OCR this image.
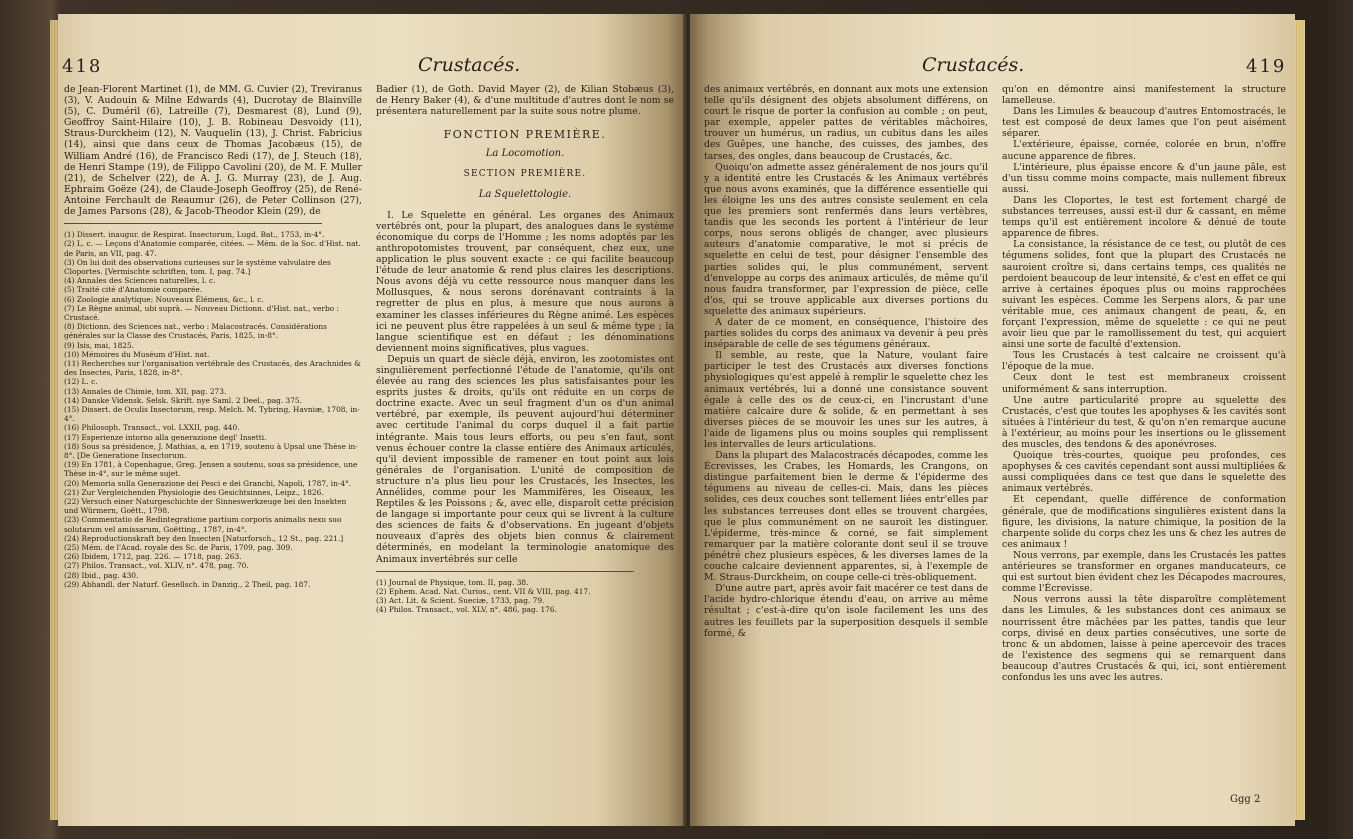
418	Crustacés.

de Jean-Florent Martinet (1), de MM. G. Cuvier (2), Treviranus (3), V. Audouin & Milne Edwards (4), Ducrotay de Blainville (5), C. Duméril (6), Latreille (7), Desmarest (8), Lund (9), Geoffroy Saint-Hilaire (10), J. B. Robineau Desvoidy (11), Straus-Durckheim (12), N. Vauquelin (13), J. Christ. Fabricius (14), ainsi que dans ceux de Thomas Jacobæus (15), de William André (16), de Francisco Redi (17), de J. Steuch (18), de Henri Stampe (19), de Filippo Cavolini (20), de M. F. Muller (21), de Schelver (22), de A. J. G. Murray (23), de J. Aug. Ephraim Goëze (24), de Claude-Joseph Geoffroy (25), de René-Antoine Ferchault de Reaumur (26), de Peter Collinson (27), de James Parsons (28), & Jacob-Theodor Klein (29), de

(1) Dissert. inaugur. de Respirat. Insectorum, Lugd. Bat., 1753, in-4°.
(2) L. c. — Leçons d'Anatomie comparée, citées. — Mém. de la Soc. d'Hist. nat. de Paris, an VII, pag. 47.
(3) On lui doit des observations curieuses sur le système valvulaire des Cloportes. [Vermischte schriften, tom. I, pag. 74.]
(4) Annales des Sciences naturelles, l. c.
(5) Traité cité d'Anatomie comparée.
(6) Zoologie analytique; Nouveaux Élémens, &c., l. c.
(7) Le Règne animal, ubi suprà. — Nouveau Dictionn. d'Hist. nat., verbo : Crustacé.
(8) Dictionn. des Sciences nat., verbo : Malacostracés. Considérations générales sur la Classe des Crustacés, Paris, 1825, in-8°.
(9) Isis, mai, 1825.
(10) Mémoires du Muséum d'Hist. nat.
(11) Recherches sur l'organisation vertébrale des Crustacés, des Arachnides & des Insectes, Paris, 1828, in-8°.
(12) L. c.
(13) Annales de Chimie, tom. XII, pag. 273.
(14) Danske Vidensk. Selsk. Skrift. nye Saml. 2 Deel., pag. 375.
(15) Dissert. de Oculis Insectorum, resp. Melch. M. Tybring, Havniæ, 1708, in-4°.
(16) Philosoph. Transact., vol. LXXII, pag. 440.
(17) Esperienze intorno alla generazione degl' Insetti.
(18) Sous sa présidence, J. Mathias, a, en 1719, soutenu à Upsal une Thèse in-8°. [De Generatione Insectorum.
(19) En 1781, à Copenhague, Greg. Jensen a soutenu, sous sa présidence, une Thèse in-4°, sur le même sujet.
(20) Memoria sulla Generazione dei Pesci e dei Granchi, Napoli, 1787, in-4°.
(21) Zur Vergleichenden Physiologie des Gesichtsinnes, Leipz., 1826.
(22) Versuch einer Naturgeschichte der Sinneswerkzeuge bei den Insekten und Würmern, Goëtt., 1798.
(23) Commentatio de Redintegratione partium corporis animalis nexu suo solutarum vel amissarum, Goëtting., 1787, in-4°.
(24) Reproductionskraft bey den Insecten [Naturforsch., 12 St., pag. 221.]
(25) Mém. de l'Acad. royale des Sc. de Paris, 1709, pag. 309.
(26) Ibidem, 1712, pag. 226. — 1718, pag. 263.
(27) Philos. Transact., vol. XLIV, n°. 478, pag. 70.
(28) Ibid., pag. 430.
(29) Abhandl. der Naturf. Gesellsch. in Danzig., 2 Theil, pag. 187.

Badier (1), de Goth. David Mayer (2), de Kilian Stobæus (3), de Henry Baker (4), & d'une multitude d'autres dont le nom se présentera naturellement par la suite sous notre plume.

FONCTION PREMIÈRE.
La Locomotion.
SECTION PREMIÈRE.
La Squelettologie.

I. Le Squelette en général. Les organes des Animaux vertébrés ont, pour la plupart, des analogues dans le système économique du corps de l'Homme ; les noms adoptés par les anthropotomistes trouvent, par conséquent, chez eux, une application le plus souvent exacte : ce qui facilite beaucoup l'étude de leur anatomie & rend plus claires les descriptions. Nous avons déjà vu cette ressource nous manquer dans les Mollusques, & nous serons dorénavant contraints à la regretter de plus en plus, à mesure que nous aurons à examiner les classes inférieures du Règne animé. Les espèces ici ne peuvent plus être rappelées à un seul & même type ; la langue scientifique est en défaut ; les dénominations deviennent moins significatives, plus vagues.

Depuis un quart de siècle déjà, environ, les zootomistes ont singulièrement perfectionné l'étude de l'anatomie, qu'ils ont élevée au rang des sciences les plus satisfaisantes pour les esprits justes & droits, qu'ils ont réduite en un corps de doctrine exacte. Avec un seul fragment d'un os d'un animal vertébré, par exemple, ils peuvent aujourd'hui déterminer avec certitude l'animal du corps duquel il a fait partie intégrante. Mais tous leurs efforts, ou peu s'en faut, sont venus échouer contre la classe entière des Animaux articulés, qu'il devient impossible de ramener en tout point aux lois générales de l'organisation. L'unité de composition de structure n'a plus lieu pour les Crustacés, les Insectes, les Annélides, comme pour les Mammifères, les Oiseaux, les Reptiles & les Poissons ; &, avec elle, disparoît cette précision de langage si importante pour ceux qui se livrent à la culture des sciences de faits & d'observations. En jugeant d'objets nouveaux d'après des objets bien connus & clairement déterminés, en modelant la terminologie anatomique des Animaux invertébrés sur celle

(1) Journal de Physique, tom. II, pag. 38.
(2) Ephem. Acad. Nat. Curios., cent. VII & VIII, pag. 417.
(3) Act. Lit. & Scient. Sueciæ, 1733, pag. 79.
(4) Philos. Transact., vol. XLV, n°. 486, pag. 176.
Crustacés.	419

des animaux vertébrés, en donnant aux mots une extension telle qu'ils désignent des objets absolument différens, on court le risque de porter la confusion au comble ; on peut, par exemple, appeler pattes de véritables mâchoires, trouver un humérus, un radius, un cubitus dans les ailes des Guêpes, une hanche, des cuisses, des jambes, des tarses, des ongles, dans beaucoup de Crustacés, &c.

Quoiqu'on admette assez généralement de nos jours qu'il y a identité entre les Crustacés & les Animaux vertébrés que nous avons examinés, que la différence essentielle qui les éloigne les uns des autres consiste seulement en cela que les premiers sont renfermés dans leurs vertèbres, tandis que les seconds les portent à l'intérieur de leur corps, nous serons obligés de changer, avec plusieurs auteurs d'anatomie comparative, le mot si précis de squelette en celui de test, pour désigner l'ensemble des parties solides qui, le plus communément, servent d'enveloppe au corps des animaux articulés, de même qu'il nous faudra transformer, par l'expression de pièce, celle d'os, qui se trouve applicable aux diverses portions du squelette des animaux supérieurs.

A dater de ce moment, en conséquence, l'histoire des parties solides du corps des animaux va devenir à peu près inséparable de celle de ses tégumens généraux.

Il semble, au reste, que la Nature, voulant faire participer le test des Crustacés aux diverses fonctions physiologiques qu'est appelé à remplir le squelette chez les animaux vertébrés, lui a donné une consistance souvent égale à celle des os de ceux-ci, en l'incrustant d'une matière calcaire dure & solide, & en permettant à ses diverses pièces de se mouvoir les unes sur les autres, à l'aide de ligamens plus ou moins souples qui remplissent les intervalles de leurs articulations.

Dans la plupart des Malacostracés décapodes, comme les Écrevisses, les Crabes, les Homards, les Crangons, on distingue parfaitement bien le derme & l'épiderme des tégumens au niveau de celles-ci. Mais, dans les pièces solides, ces deux couches sont tellement liées entr'elles par les substances terreuses dont elles se trouvent chargées, que le plus communément on ne sauroit les distinguer. L'épiderme, très-mince & corné, se fait simplement remarquer par la matière colorante dont seul il se trouve pénétré chez plusieurs espèces, & les diverses lames de la couche calcaire deviennent apparentes, si, à l'exemple de M. Straus-Durckheim, on coupe celle-ci très-obliquement.

D'une autre part, après avoir fait macérer ce test dans de l'acide hydro-chlorique étendu d'eau, on arrive au même résultat ; c'est-à-dire qu'on isole facilement les uns des autres les feuillets par la superposition desquels il semble formé, &

qu'on en démontre ainsi manifestement la structure lamelleuse.

Dans les Limules & beaucoup d'autres Entomostracés, le test est composé de deux lames que l'on peut aisément séparer.

L'extérieure, épaisse, cornée, colorée en brun, n'offre aucune apparence de fibres.

L'intérieure, plus épaisse encore & d'un jaune pâle, est d'un tissu comme moins compacte, mais nullement fibreux aussi.

Dans les Cloportes, le test est fortement chargé de substances terreuses, aussi est-il dur & cassant, en même temps qu'il est entièrement incolore & dénué de toute apparence de fibres.

La consistance, la résistance de ce test, ou plutôt de ces tégumens solides, font que la plupart des Crustacés ne sauroient croître si, dans certains temps, ces qualités ne perdoient beaucoup de leur intensité, & c'est en effet ce qui arrive à certaines époques plus ou moins rapprochées suivant les espèces. Comme les Serpens alors, & par une véritable mue, ces animaux changent de peau, &, en forçant l'expression, même de squelette : ce qui ne peut avoir lieu que par le ramollissement du test, qui acquiert ainsi une sorte de faculté d'extension.

Tous les Crustacés à test calcaire ne croissent qu'à l'époque de la mue.

Ceux dont le test est membraneux croissent uniformément & sans interruption.

Une autre particularité propre au squelette des Crustacés, c'est que toutes les apophyses & les cavités sont situées à l'intérieur du test, & qu'on n'en remarque aucune à l'extérieur, au moins pour les insertions ou le glissement des muscles, des tendons & des aponévroses.

Quoique très-courtes, quoique peu profondes, ces apophyses & ces cavités cependant sont aussi multipliées & aussi compliquées dans ce test que dans le squelette des animaux vertébrés.

Et cependant, quelle différence de conformation générale, que de modifications singulières existent dans la figure, les divisions, la nature chimique, la position de la charpente solide du corps chez les uns & chez les autres de ces animaux !

Nous verrons, par exemple, dans les Crustacés les pattes antérieures se transformer en organes manducateurs, ce qui est surtout bien évident chez les Décapodes macroures, comme l'Écrevisse.

Nous verrons aussi la tête disparoître complètement dans les Limules, & les substances dont ces animaux se nourrissent être mâchées par les pattes, tandis que leur corps, divisé en deux parties consécutives, une sorte de tronc & un abdomen, laisse à peine apercevoir des traces de l'existence des segmens qui se remarquent dans beaucoup d'autres Crustacés & qui, ici, sont entièrement confondus les uns avec les autres.

Ggg 2
